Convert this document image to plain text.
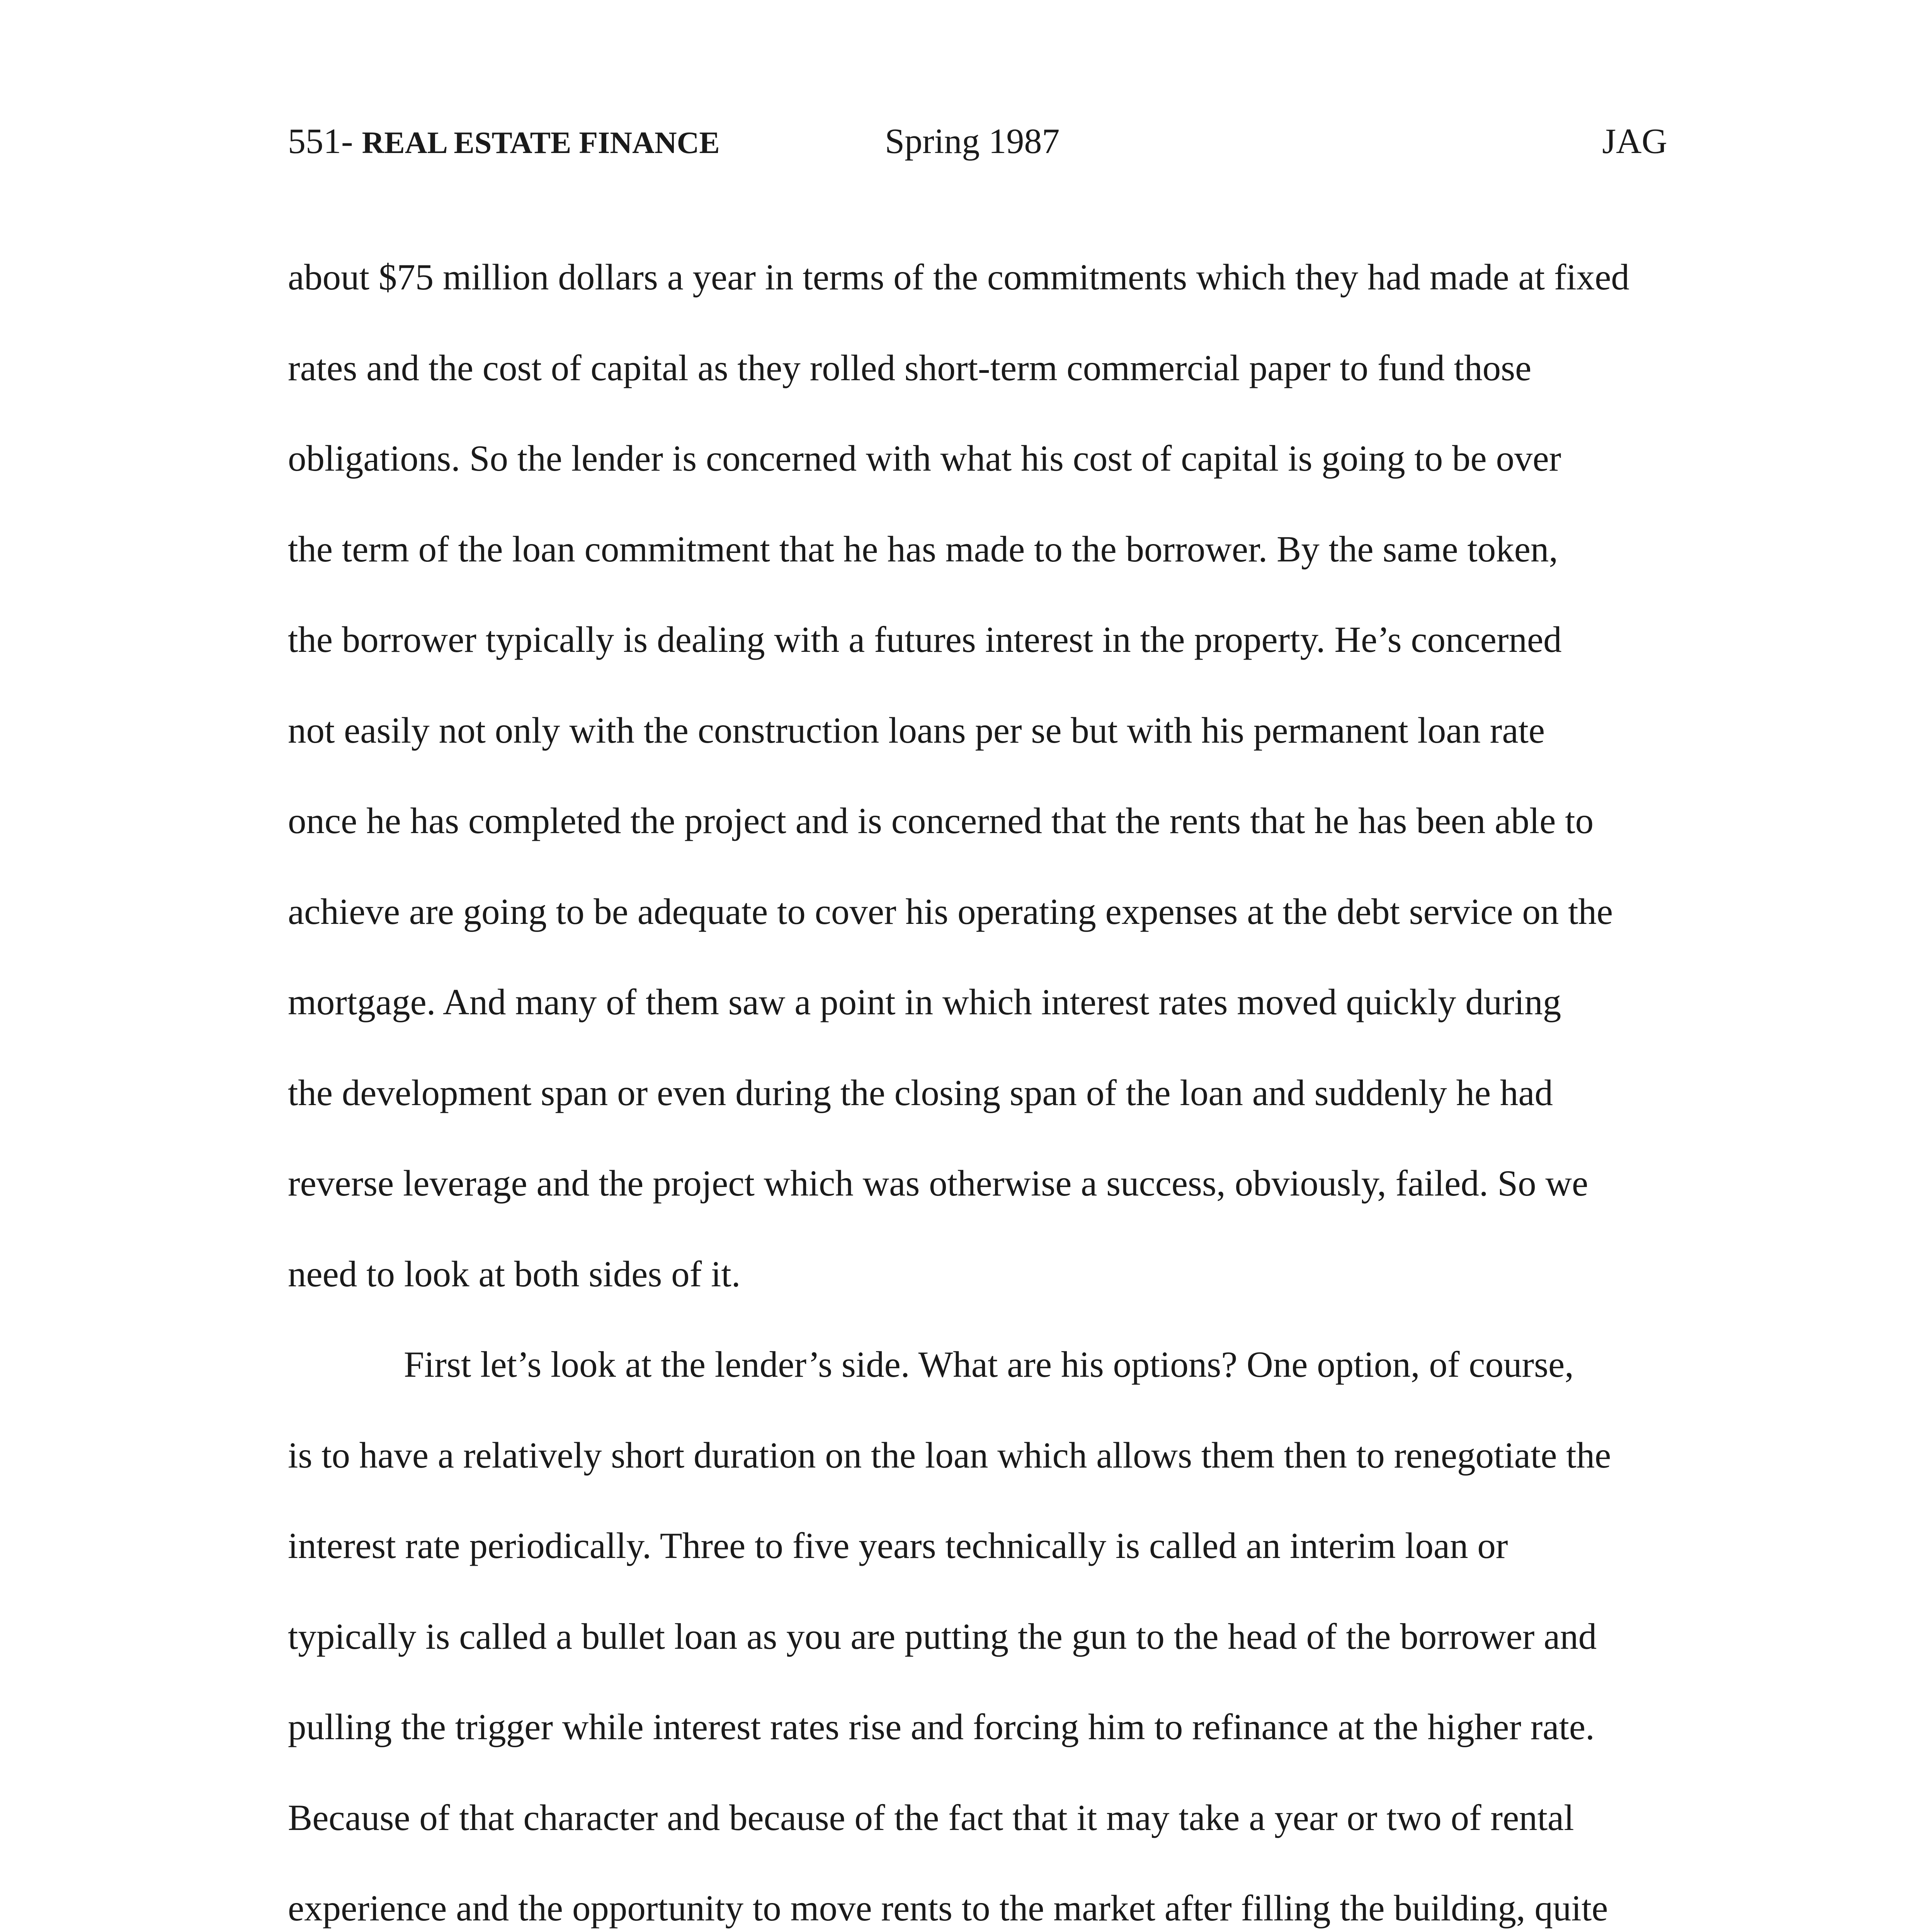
551- REAL ESTATE FINANCE	Spring 1987	JAG
about $75 million dollars a year in terms of the commitments which they had made at fixed
rates and the cost of capital as they rolled short-term commercial paper to fund those
obligations. So the lender is concerned with what his cost of capital is going to be over
the term of the loan commitment that he has made to the borrower. By the same token,
the borrower typically is dealing with a futures interest in the property. He’s concerned
not easily not only with the construction loans per se but with his permanent loan rate
once he has completed the project and is concerned that the rents that he has been able to
achieve are going to be adequate to cover his operating expenses at the debt service on the
mortgage. And many of them saw a point in which interest rates moved quickly during
the development span or even during the closing span of the loan and suddenly he had
reverse leverage and the project which was otherwise a success, obviously, failed. So we
need to look at both sides of it.
First let’s look at the lender’s side. What are his options? One option, of course,
is to have a relatively short duration on the loan which allows them then to renegotiate the
interest rate periodically. Three to five years technically is called an interim loan or
typically is called a bullet loan as you are putting the gun to the head of the borrower and
pulling the trigger while interest rates rise and forcing him to refinance at the higher rate.
Because of that character and because of the fact that it may take a year or two of rental
experience and the opportunity to move rents to the market after filling the building, quite
